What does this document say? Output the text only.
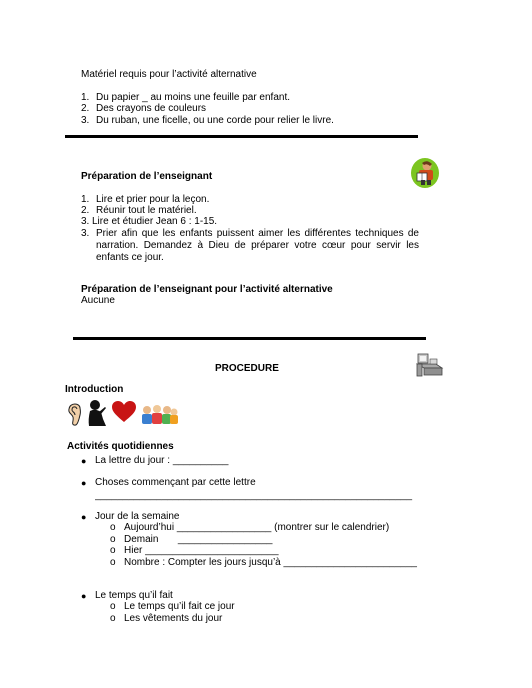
Matériel requis pour l’activité alternative
1. Du papier _ au moins une feuille par enfant.
2. Des crayons de couleurs
3. Du ruban, une ficelle, ou une corde pour relier le livre.
Préparation de l’enseignant
1. Lire et prier pour la leçon.
2. Réunir tout le matériel.
3. Lire et étudier Jean 6 : 1-15.
3. Prier afin que les enfants puissent aimer les différentes techniques de narration. Demandez à Dieu de préparer votre cœur pour servir les enfants ce jour.
Préparation de l’enseignant pour l’activité alternative
Aucune
PROCEDURE
Introduction
Activités quotidiennes
● La lettre du jour : __________
● Choses commençant par cette lettre
_________________________________________________________
● Jour de la semaine
o Aujourd’hui _________________ (montrer sur le calendrier)
o Demain       _________________
o Hier ________________________
o Nombre : Compter les jours jusqu’à ________________________
● Le temps qu’il fait
o Le temps qu’il fait ce jour
o Les vêtements du jour
